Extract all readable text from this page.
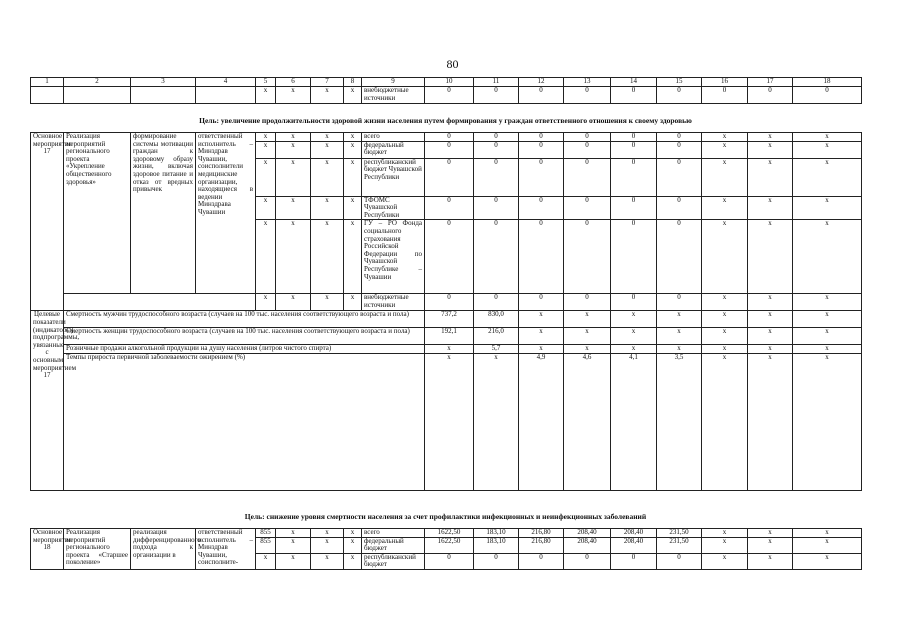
80
1	2	3	4	5	6	7	8	9	10	11	12	13	14	15	16	17	18
				х	х	х	х	внебюджетные источники	0	0	0	0	0	0	0	0	0
Цель: увеличение продолжительности здоровой жизни населения путем формирования у граждан ответственного отношения к своему здоровью
Основное мероприятие 17	Реализация мероприятий регионального проекта «Укрепление общественного здоровья»	формирование системы мотивации граждан к здоровому образу жизни, включая здоровое питание и отказ от вредных привычек	ответственный исполнитель – Минздрав Чувашии, соисполнители медицинские организации, находящиеся в ведении Минздрава Чувашии	х	х	х	х	всего	0	0	0	0	0	0	х	х	х
				х	х	х	х	федеральный бюджет	0	0	0	0	0	0	х	х	х
				х	х	х	х	республиканский бюджет Чувашской Республики	0	0	0	0	0	0	х	х	х
				х	х	х	х	ТФОМС Чувашской Республики	0	0	0	0	0	0	х	х	х
				х	х	х	х	ГУ – РО Фонда социального страхования Российской Федерации по Чувашской Республике – Чувашии	0	0	0	0	0	0	х	х	х
				х	х	х	х	внебюджетные источники	0	0	0	0	0	0	х	х	х
Целевые показатели (индикаторы) подпрограммы, увязанные с основным мероприятием 17	Смертность мужчин трудоспособного возраста (случаев на 100 тыс. населения соответствующего возраста и пола)								737,2	830,0	х	х	х	х	х	х	х
	Смертность женщин трудоспособного возраста (случаев на 100 тыс. населения соответствующего возраста и пола)								192,1	216,0	х	х	х	х	х	х	х
	Розничные продажи алкогольной продукции на душу населения (литров чистого спирта)								х	5,7	х	х	х	х	х	х	х
	Темпы прироста первичной заболеваемости ожирением (%)								х	х	4,9	4,6	4,1	3,5	х	х	х
Цель: снижение уровня смертности населения за счет профилактики инфекционных и неинфекционных заболеваний
Основное мероприятие 18	Реализация мероприятий регионального проекта «Старшее поколение»	реализация дифференцированного подхода к организации в	ответственный исполнитель – Минздрав Чувашии, соисполните-	855	х	х	х	всего	1622,50	183,10	216,80	208,40	208,40	231,50	х	х	х
				855	х	х	х	федеральный бюджет	1622,50	183,10	216,80	208,40	208,40	231,50	х	х	х
				х	х	х	х	республиканский бюджет	0	0	0	0	0	0	х	х	х
